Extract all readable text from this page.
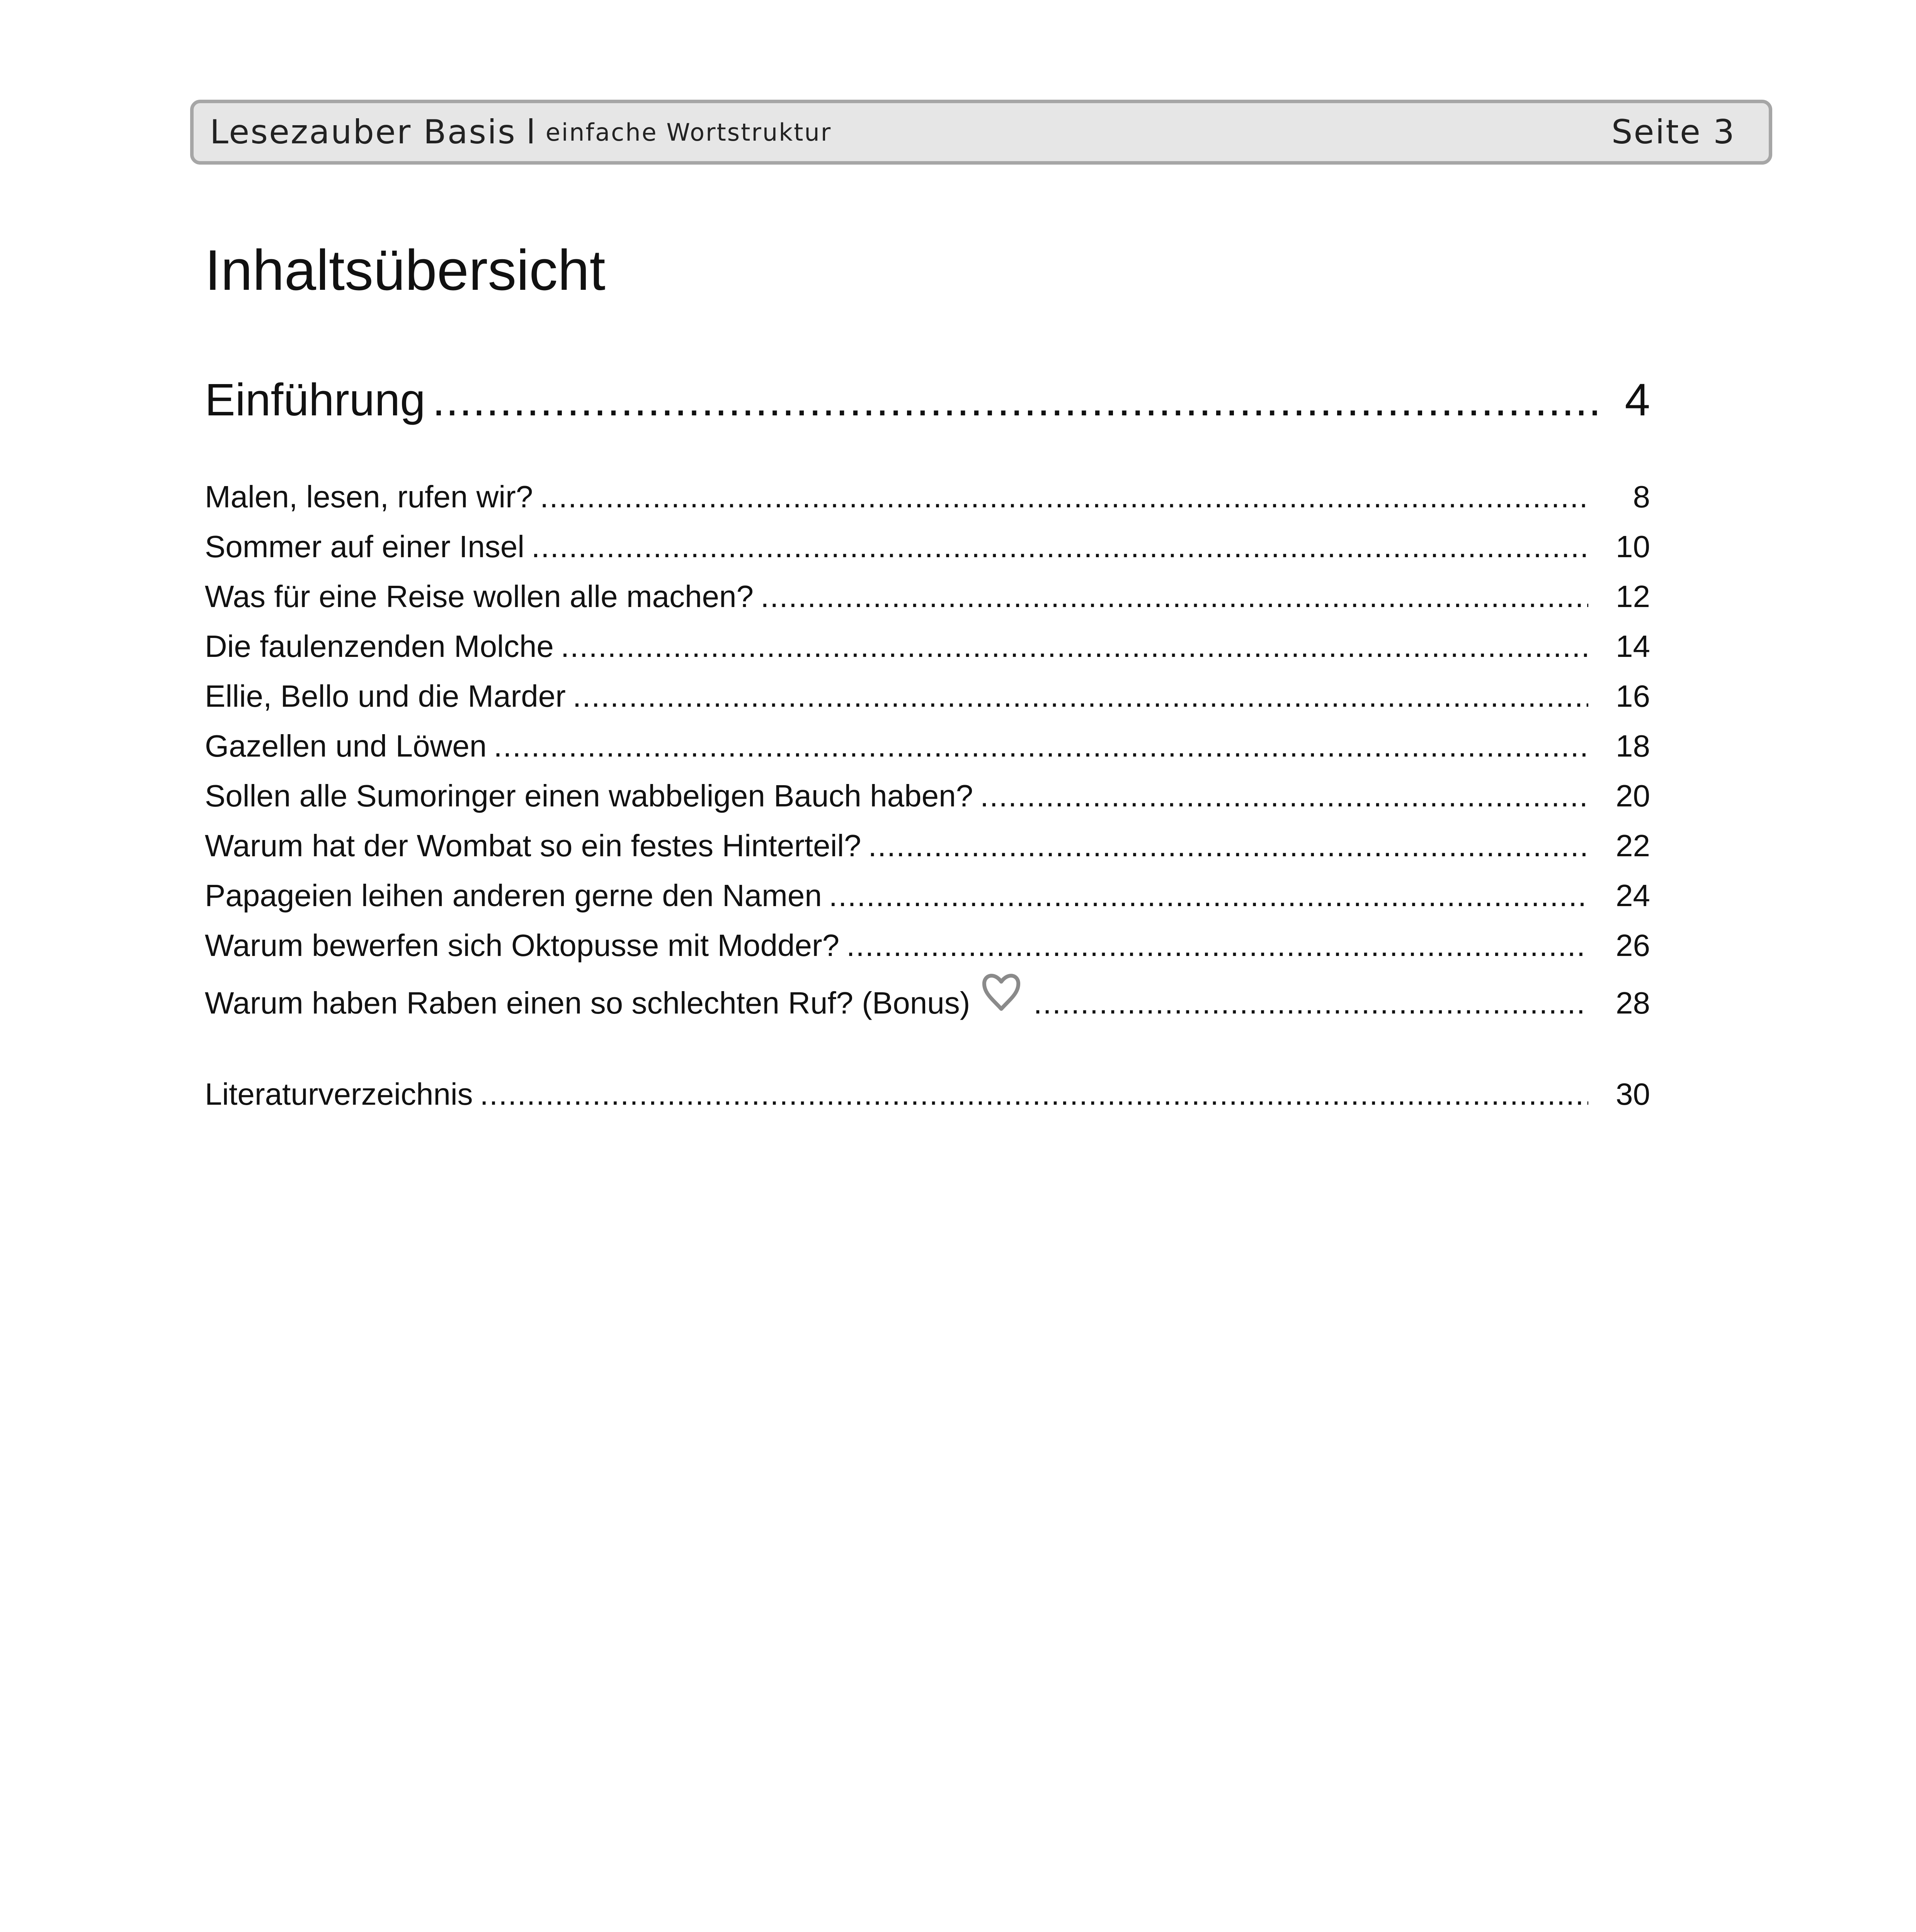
Lesezauber Basis l einfache Wortstruktur	Seite 3
Inhaltsübersicht
Einführung .....	4
Malen, lesen, rufen wir? .....	8
Sommer auf einer Insel .....	10
Was für eine Reise wollen alle machen? .....	12
Die faulenzenden Molche .....	14
Ellie, Bello und die Marder .....	16
Gazellen und Löwen .....	18
Sollen alle Sumoringer einen wabbeligen Bauch haben? .....	20
Warum hat der Wombat so ein festes Hinterteil? .....	22
Papageien leihen anderen gerne den Namen .....	24
Warum bewerfen sich Oktopusse mit Modder? .....	26
Warum haben Raben einen so schlechten Ruf? (Bonus) .....	28
Literaturverzeichnis .....	30
